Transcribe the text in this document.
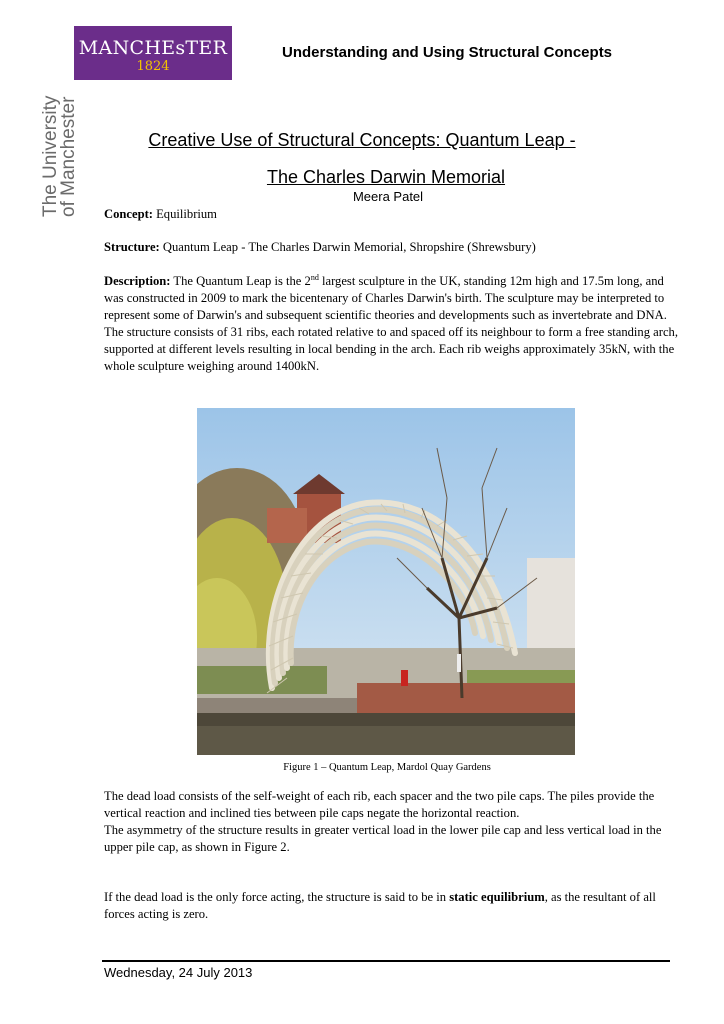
MANCHEsTER
1824
The University
of Manchester
Understanding and Using Structural Concepts
Creative Use of Structural Concepts: Quantum Leap -
The Charles Darwin Memorial
Meera Patel
Concept: Equilibrium
Structure: Quantum Leap - The Charles Darwin Memorial, Shropshire (Shrewsbury)
Description: The Quantum Leap is the 2nd largest sculpture in the UK, standing 12m high and 17.5m long, and was constructed in 2009 to mark the bicentenary of Charles Darwin's birth. The sculpture may be interpreted to represent some of Darwin's and subsequent scientific theories and developments such as invertebrate and DNA.
The structure consists of 31 ribs, each rotated relative to and spaced off its neighbour to form a free standing arch, supported at different levels resulting in local bending in the arch. Each rib weighs approximately 35kN, with the whole sculpture weighing around 1400kN.
Figure 1 – Quantum Leap, Mardol Quay Gardens
The dead load consists of the self-weight of each rib, each spacer and the two pile caps. The piles provide the vertical reaction and inclined ties between pile caps negate the horizontal reaction.
The asymmetry of the structure results in greater vertical load in the lower pile cap and less vertical load in the upper pile cap, as shown in Figure 2.
If the dead load is the only force acting, the structure is said to be in static equilibrium, as the resultant of all forces acting is zero.
Wednesday, 24 July 2013
